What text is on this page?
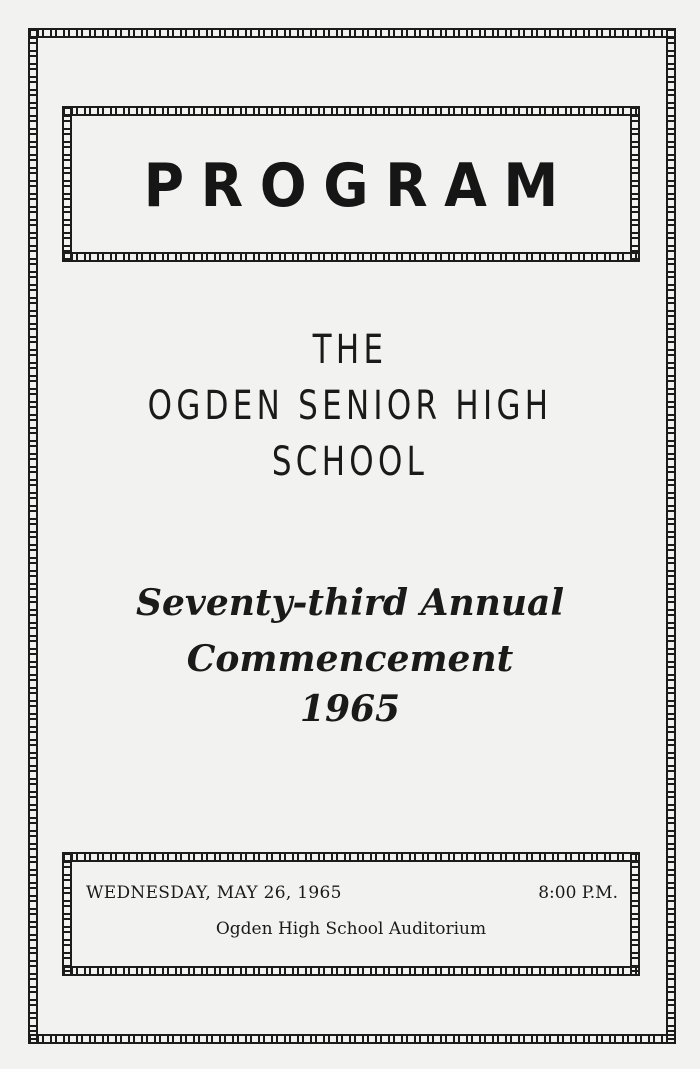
PROGRAM
THE
OGDEN SENIOR HIGH
SCHOOL
Seventy-third Annual
Commencement
1965
WEDNESDAY, MAY 26, 1965	8:00 P.M.
Ogden High School Auditorium
